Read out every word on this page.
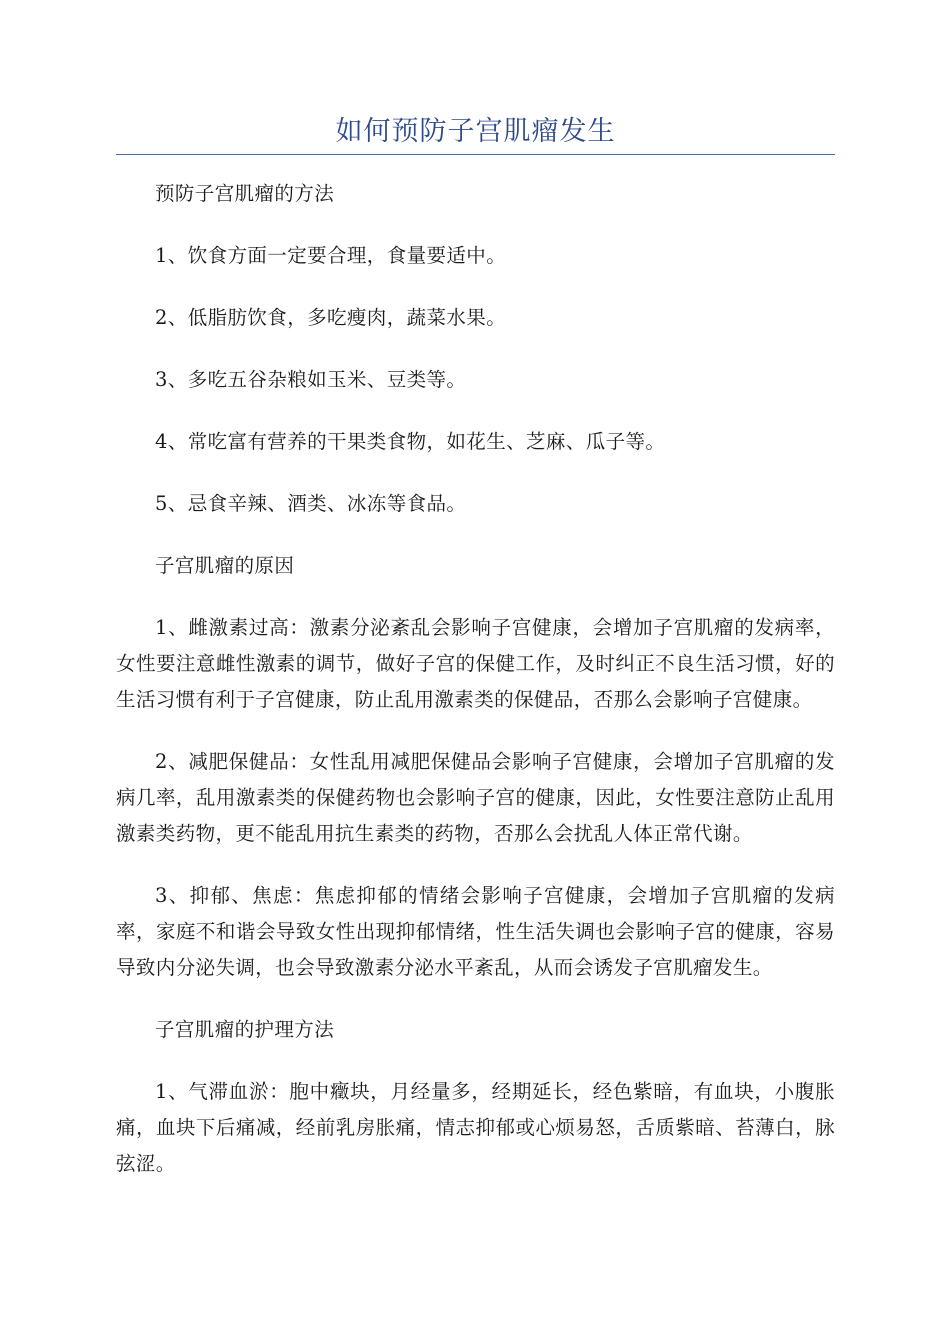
如何预防子宫肌瘤发生

预防子宫肌瘤的方法

1、饮食方面一定要合理，食量要适中。

2、低脂肪饮食，多吃瘦肉，蔬菜水果。

3、多吃五谷杂粮如玉米、豆类等。

4、常吃富有营养的干果类食物，如花生、芝麻、瓜子等。

5、忌食辛辣、酒类、冰冻等食品。

子宫肌瘤的原因

1、雌激素过高：激素分泌紊乱会影响子宫健康，会增加子宫肌瘤的发病率，女性要注意雌性激素的调节，做好子宫的保健工作，及时纠正不良生活习惯，好的生活习惯有利于子宫健康，防止乱用激素类的保健品，否那么会影响子宫健康。

2、减肥保健品：女性乱用减肥保健品会影响子宫健康，会增加子宫肌瘤的发病几率，乱用激素类的保健药物也会影响子宫的健康，因此，女性要注意防止乱用激素类药物，更不能乱用抗生素类的药物，否那么会扰乱人体正常代谢。

3、抑郁、焦虑：焦虑抑郁的情绪会影响子宫健康，会增加子宫肌瘤的发病率，家庭不和谐会导致女性出现抑郁情绪，性生活失调也会影响子宫的健康，容易导致内分泌失调，也会导致激素分泌水平紊乱，从而会诱发子宫肌瘤发生。

子宫肌瘤的护理方法

1、气滞血淤：胞中癥块，月经量多，经期延长，经色紫暗，有血块，小腹胀痛，血块下后痛减，经前乳房胀痛，情志抑郁或心烦易怒，舌质紫暗、苔薄白，脉弦涩。
